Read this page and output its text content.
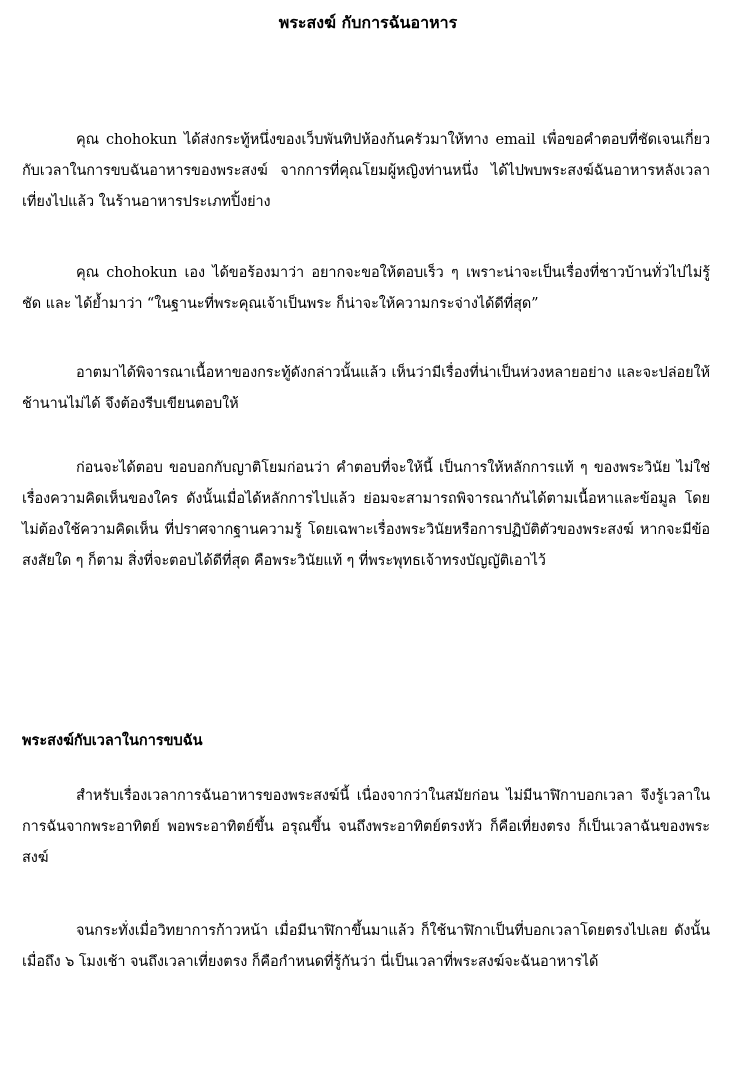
พระสงฆ์ กับการฉันอาหาร

คุณ chohokun ได้ส่งกระทู้หนึ่งของเว็บพันทิปห้องก้นครัวมาให้ทาง email เพื่อขอคำตอบที่ชัดเจนเกี่ยวกับเวลาในการขบฉันอาหารของพระสงฆ์ จากการที่คุณโยมผู้หญิงท่านหนึ่ง ได้ไปพบพระสงฆ์ฉันอาหารหลังเวลาเที่ยงไปแล้ว ในร้านอาหารประเภทปิ้งย่าง

คุณ chohokun เอง ได้ขอร้องมาว่า อยากจะขอให้ตอบเร็ว ๆ เพราะน่าจะเป็นเรื่องที่ชาวบ้านทั่วไปไม่รู้ชัด และ ได้ย้ำมาว่า “ในฐานะที่พระคุณเจ้าเป็นพระ ก็น่าจะให้ความกระจ่างได้ดีที่สุด”

อาตมาได้พิจารณาเนื้อหาของกระทู้ดังกล่าวนั้นแล้ว เห็นว่ามีเรื่องที่น่าเป็นห่วงหลายอย่าง และจะปล่อยให้ช้านานไม่ได้ จึงต้องรีบเขียนตอบให้

ก่อนจะได้ตอบ ขอบอกกับญาติโยมก่อนว่า คำตอบที่จะให้นี้ เป็นการให้หลักการแท้ ๆ ของพระวินัย ไม่ใช่เรื่องความคิดเห็นของใคร ดังนั้นเมื่อได้หลักการไปแล้ว ย่อมจะสามารถพิจารณากันได้ตามเนื้อหาและข้อมูล โดยไม่ต้องใช้ความคิดเห็น ที่ปราศจากฐานความรู้ โดยเฉพาะเรื่องพระวินัยหรือการปฏิบัติตัวของพระสงฆ์ หากจะมีข้อสงสัยใด ๆ ก็ตาม สิ่งที่จะตอบได้ดีที่สุด คือพระวินัยแท้ ๆ ที่พระพุทธเจ้าทรงบัญญัติเอาไว้

พระสงฆ์กับเวลาในการขบฉัน

สำหรับเรื่องเวลาการฉันอาหารของพระสงฆ์นี้ เนื่องจากว่าในสมัยก่อน ไม่มีนาฬิกาบอกเวลา จึงรู้เวลาในการฉันจากพระอาทิตย์ พอพระอาทิตย์ขึ้น อรุณขึ้น จนถึงพระอาทิตย์ตรงหัว ก็คือเที่ยงตรง ก็เป็นเวลาฉันของพระสงฆ์

จนกระทั่งเมื่อวิทยาการก้าวหน้า เมื่อมีนาฬิกาขึ้นมาแล้ว ก็ใช้นาฬิกาเป็นที่บอกเวลาโดยตรงไปเลย ดังนั้นเมื่อถึง ๖ โมงเช้า จนถึงเวลาเที่ยงตรง ก็คือกำหนดที่รู้กันว่า นี่เป็นเวลาที่พระสงฆ์จะฉันอาหารได้
